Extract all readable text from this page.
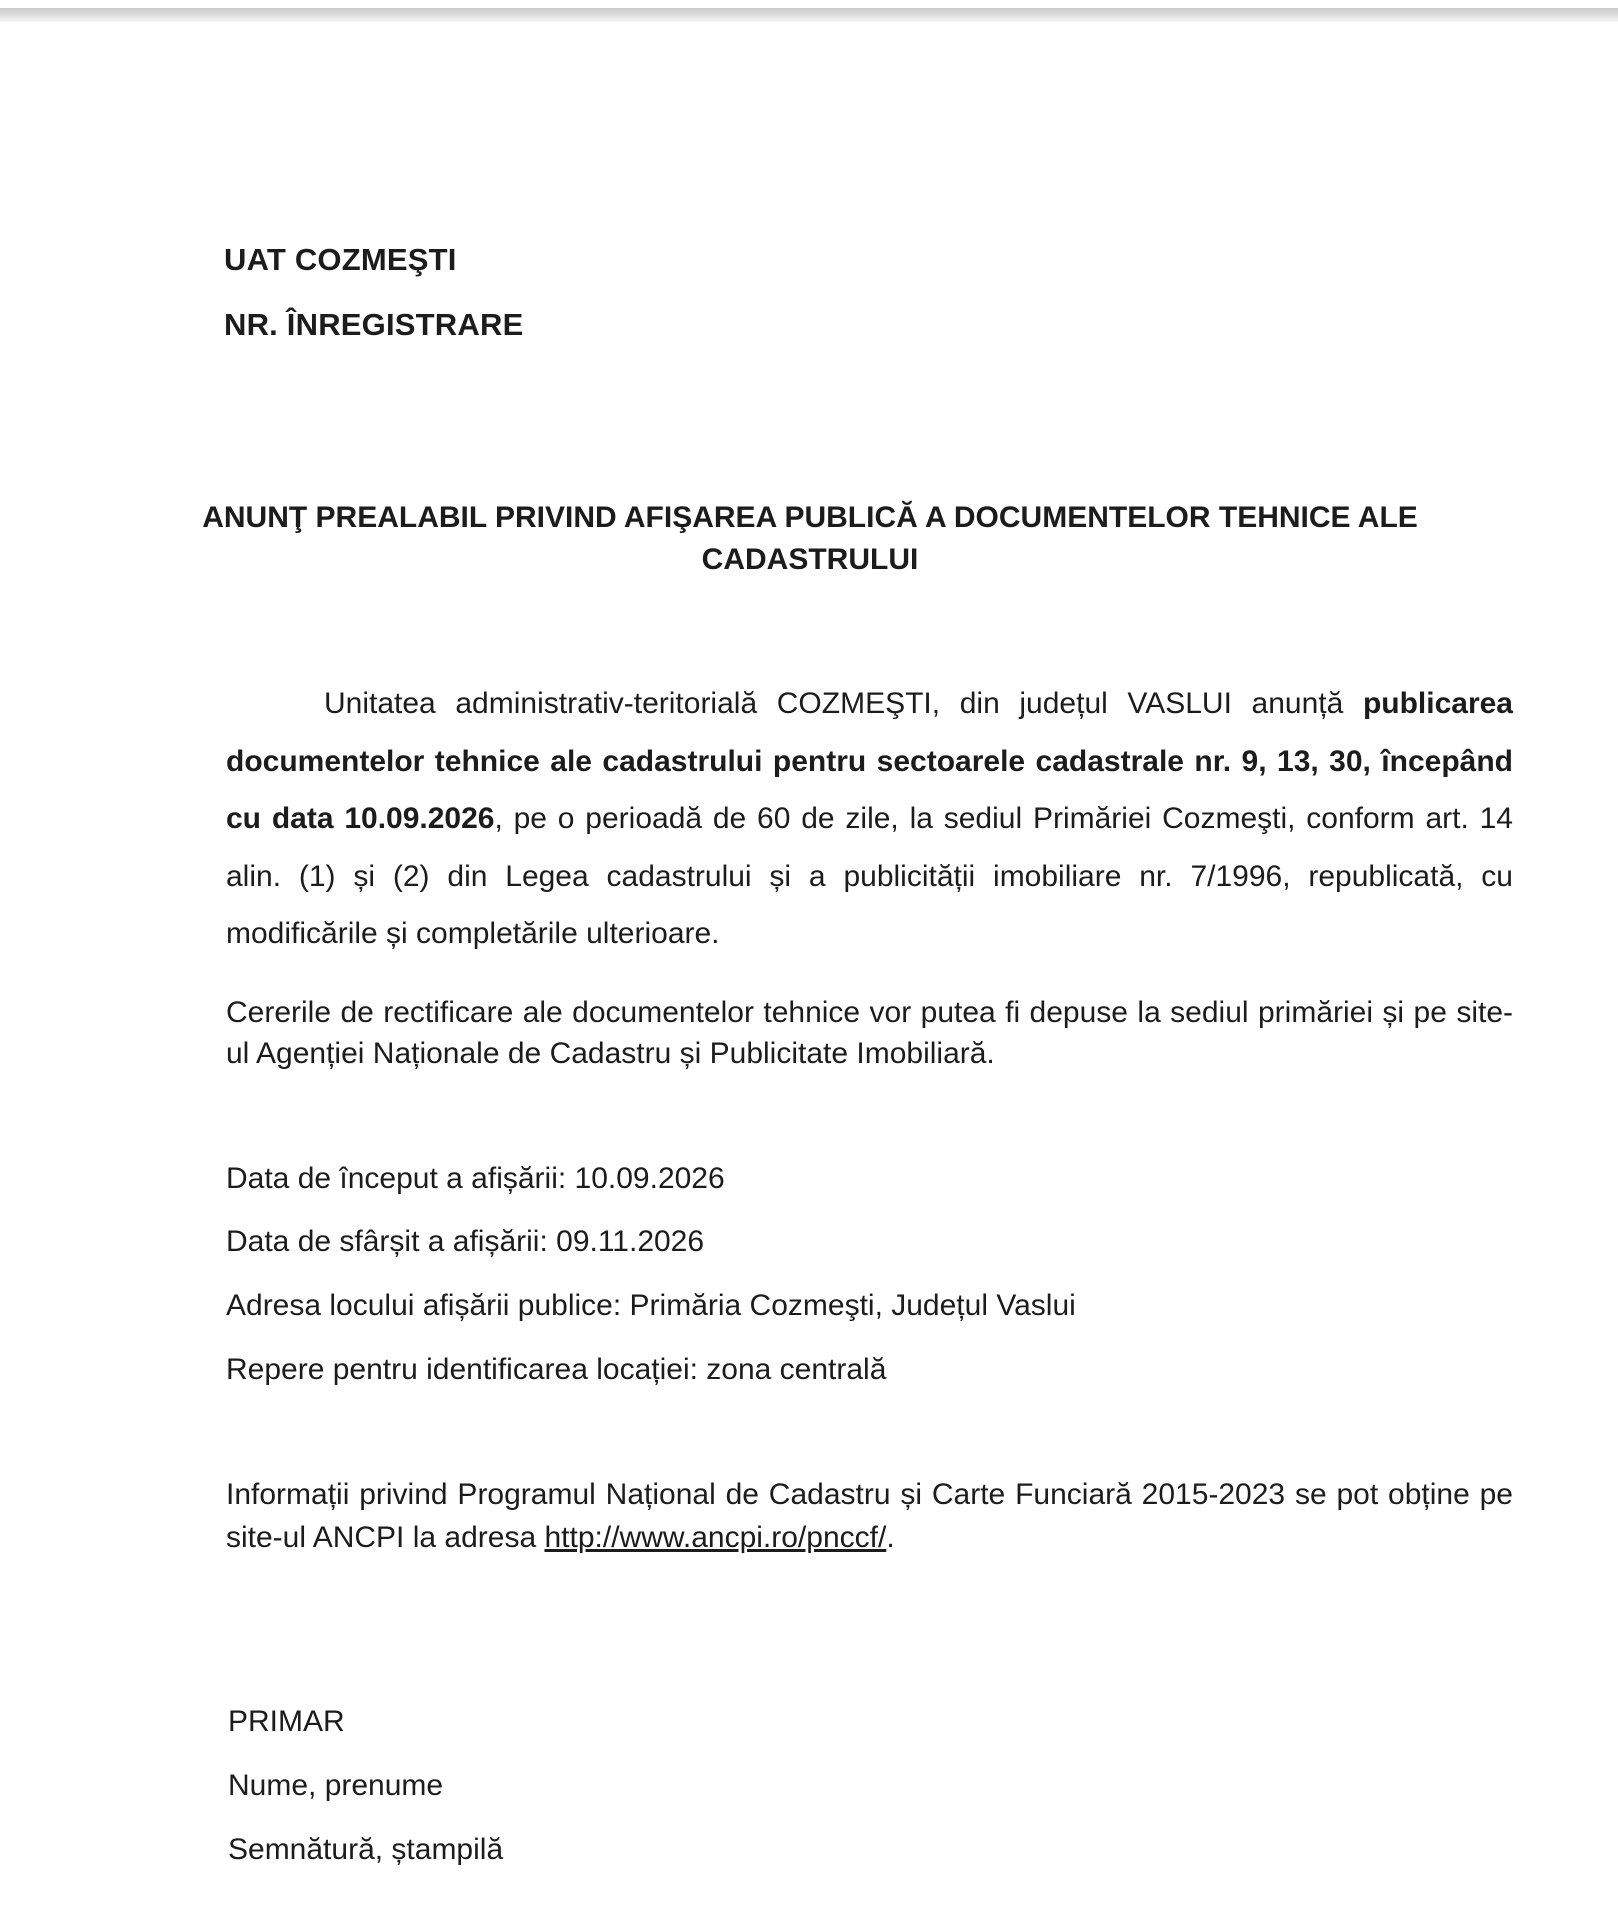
UAT COZMEŞTI

NR. ÎNREGISTRARE

ANUNŢ PREALABIL PRIVIND AFIŞAREA PUBLICĂ A DOCUMENTELOR TEHNICE ALE CADASTRULUI

Unitatea administrativ-teritorială COZMEŞTI, din județul VASLUI anunță publicarea documentelor tehnice ale cadastrului pentru sectoarele cadastrale nr. 9, 13, 30, începând cu data 10.09.2026, pe o perioadă de 60 de zile, la sediul Primăriei Cozmeşti, conform art. 14 alin. (1) și (2) din Legea cadastrului și a publicității imobiliare nr. 7/1996, republicată, cu modificările și completările ulterioare.

Cererile de rectificare ale documentelor tehnice vor putea fi depuse la sediul primăriei și pe site-ul Agenției Naționale de Cadastru și Publicitate Imobiliară.

Data de început a afișării: 10.09.2026

Data de sfârșit a afișării: 09.11.2026

Adresa locului afișării publice: Primăria Cozmeşti, Județul Vaslui

Repere pentru identificarea locației: zona centrală

Informații privind Programul Național de Cadastru și Carte Funciară 2015-2023 se pot obține pe site-ul ANCPI la adresa http://www.ancpi.ro/pnccf/.

PRIMAR

Nume, prenume

Semnătură, ștampilă
